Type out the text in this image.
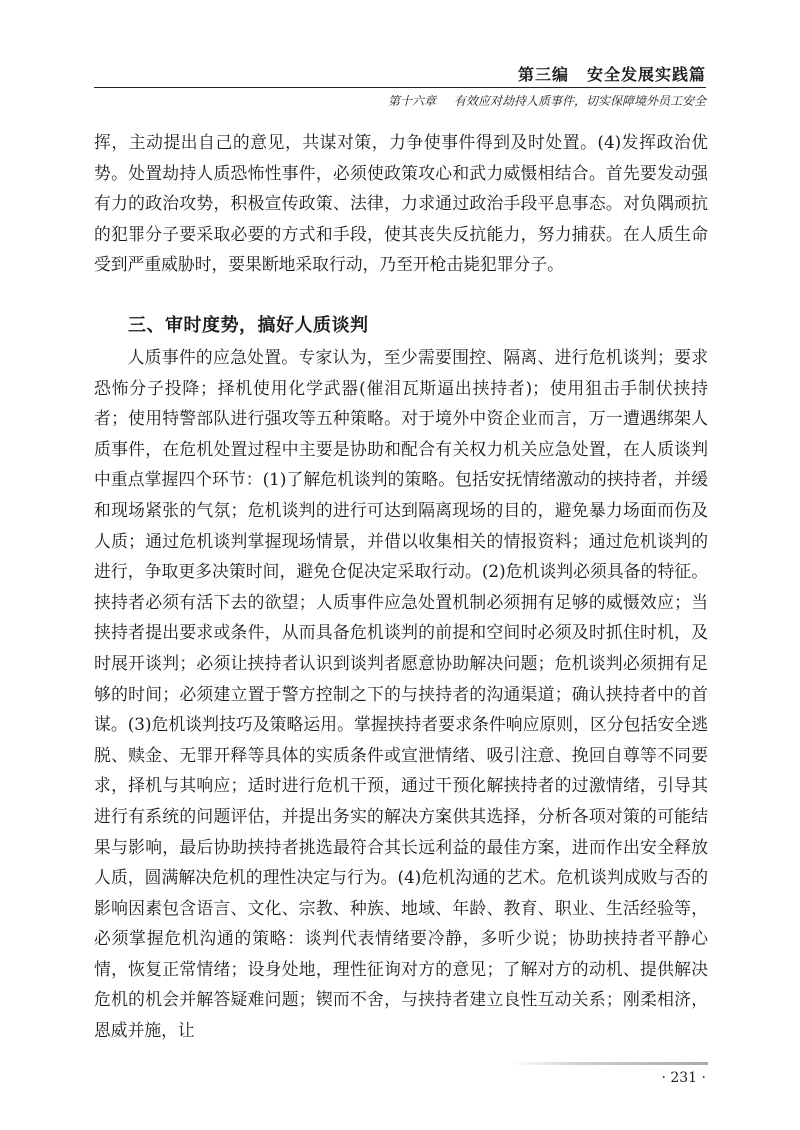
第三编 安全发展实践篇
第十六章 有效应对劫持人质事件，切实保障境外员工安全
挥，主动提出自己的意见，共谋对策，力争使事件得到及时处置。(4)发挥政治优势。处置劫持人质恐怖性事件，必须使政策攻心和武力威慑相结合。首先要发动强有力的政治攻势，积极宣传政策、法律，力求通过政治手段平息事态。对负隅顽抗的犯罪分子要采取必要的方式和手段，使其丧失反抗能力，努力捕获。在人质生命受到严重威胁时，要果断地采取行动，乃至开枪击毙犯罪分子。
三、审时度势，搞好人质谈判
人质事件的应急处置。专家认为，至少需要围控、隔离、进行危机谈判；要求恐怖分子投降；择机使用化学武器(催泪瓦斯逼出挟持者)；使用狙击手制伏挟持者；使用特警部队进行强攻等五种策略。对于境外中资企业而言，万一遭遇绑架人质事件，在危机处置过程中主要是协助和配合有关权力机关应急处置，在人质谈判中重点掌握四个环节：(1)了解危机谈判的策略。包括安抚情绪激动的挟持者，并缓和现场紧张的气氛；危机谈判的进行可达到隔离现场的目的，避免暴力场面而伤及人质；通过危机谈判掌握现场情景，并借以收集相关的情报资料；通过危机谈判的进行，争取更多决策时间，避免仓促决定采取行动。(2)危机谈判必须具备的特征。挟持者必须有活下去的欲望；人质事件应急处置机制必须拥有足够的威慑效应；当挟持者提出要求或条件，从而具备危机谈判的前提和空间时必须及时抓住时机，及时展开谈判；必须让挟持者认识到谈判者愿意协助解决问题；危机谈判必须拥有足够的时间；必须建立置于警方控制之下的与挟持者的沟通渠道；确认挟持者中的首谋。(3)危机谈判技巧及策略运用。掌握挟持者要求条件响应原则，区分包括安全逃脱、赎金、无罪开释等具体的实质条件或宣泄情绪、吸引注意、挽回自尊等不同要求，择机与其响应；适时进行危机干预，通过干预化解挟持者的过激情绪，引导其进行有系统的问题评估，并提出务实的解决方案供其选择，分析各项对策的可能结果与影响，最后协助挟持者挑选最符合其长远利益的最佳方案，进而作出安全释放人质，圆满解决危机的理性决定与行为。(4)危机沟通的艺术。危机谈判成败与否的影响因素包含语言、文化、宗教、种族、地域、年龄、教育、职业、生活经验等，必须掌握危机沟通的策略：谈判代表情绪要冷静，多听少说；协助挟持者平静心情，恢复正常情绪；设身处地，理性征询对方的意见；了解对方的动机、提供解决危机的机会并解答疑难问题；锲而不舍，与挟持者建立良性互动关系；刚柔相济，恩威并施，让
· 231 ·
